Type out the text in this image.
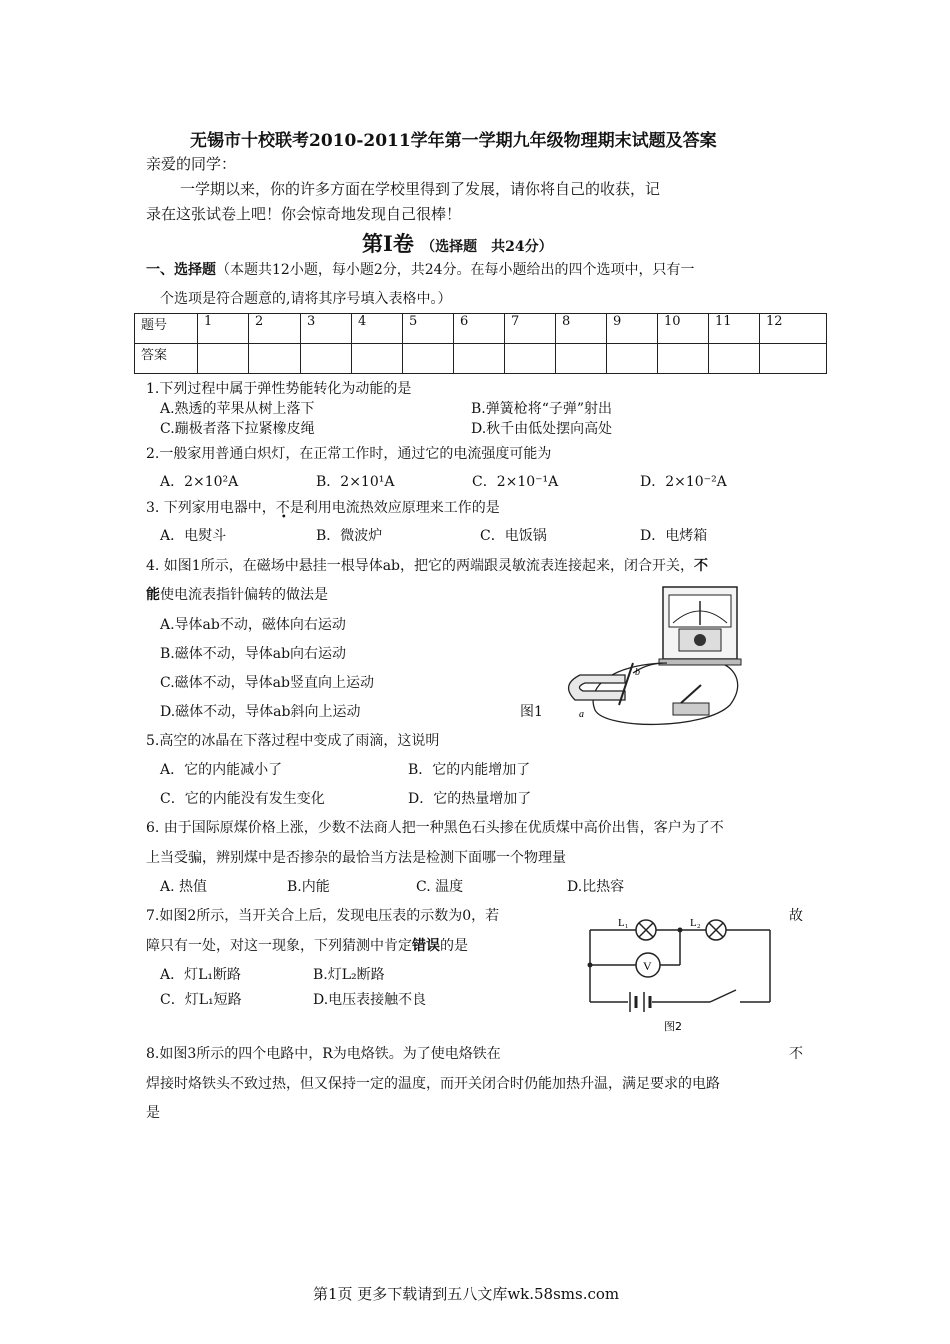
无锡市十校联考2010-2011学年第一学期九年级物理期末试题及答案
亲爱的同学：
一学期以来，你的许多方面在学校里得到了发展，请你将自己的收获，记
录在这张试卷上吧！你会惊奇地发现自己很棒！
第Ⅰ卷 （选择题　共24分）
一、选择题（本题共12小题，每小题2分，共24分。在每小题给出的四个选项中，只有一
个选项是符合题意的,请将其序号填入表格中。）
题号	1	2	3	4	5	6	7	8	9	10	11	12
答案												
1.下列过程中属于弹性势能转化为动能的是
A.熟透的苹果从树上落下	B.弹簧枪将“子弹”射出
C.蹦极者落下拉紧橡皮绳	D.秋千由低处摆向高处
2.一般家用普通白炽灯，在正常工作时，通过它的电流强度可能为
A．2×10²A	B．2×10¹A	C．2×10⁻¹A	D．2×10⁻²A
3. 下列家用电器中，不是利用电流热效应原理来工作的是
A．电熨斗	B．微波炉	C．电饭锅	D．电烤箱
4. 如图1所示，在磁场中悬挂一根导体ab，把它的两端跟灵敏流表连接起来，闭合开关，不
能使电流表指针偏转的做法是
A.导体ab不动，磁体向右运动
B.磁体不动，导体ab向右运动
C.磁体不动，导体ab竖直向上运动
D.磁体不动，导体ab斜向上运动	图1
b
a
5.高空的冰晶在下落过程中变成了雨滴，这说明
A．它的内能减小了	B．它的内能增加了
C．它的内能没有发生变化	D．它的热量增加了
6. 由于国际原煤价格上涨，少数不法商人把一种黑色石头掺在优质煤中高价出售，客户为了不
上当受骗，辨别煤中是否掺杂的最恰当方法是检测下面哪一个物理量
A. 热值	B.内能	C. 温度	D.比热容
7.如图2所示，当开关合上后，发现电压表的示数为0，若	故
障只有一处，对这一现象，下列猜测中肯定错误的是
A．灯L₁断路	B.灯L₂断路
C．灯L₁短路	D.电压表接触不良
V
L₁	L₂
图2
8.如图3所示的四个电路中，R为电烙铁。为了使电烙铁在	不
焊接时烙铁头不致过热，但又保持一定的温度，而开关闭合时仍能加热升温，满足要求的电路
是
第1页 更多下载请到五八文库wk.58sms.com
